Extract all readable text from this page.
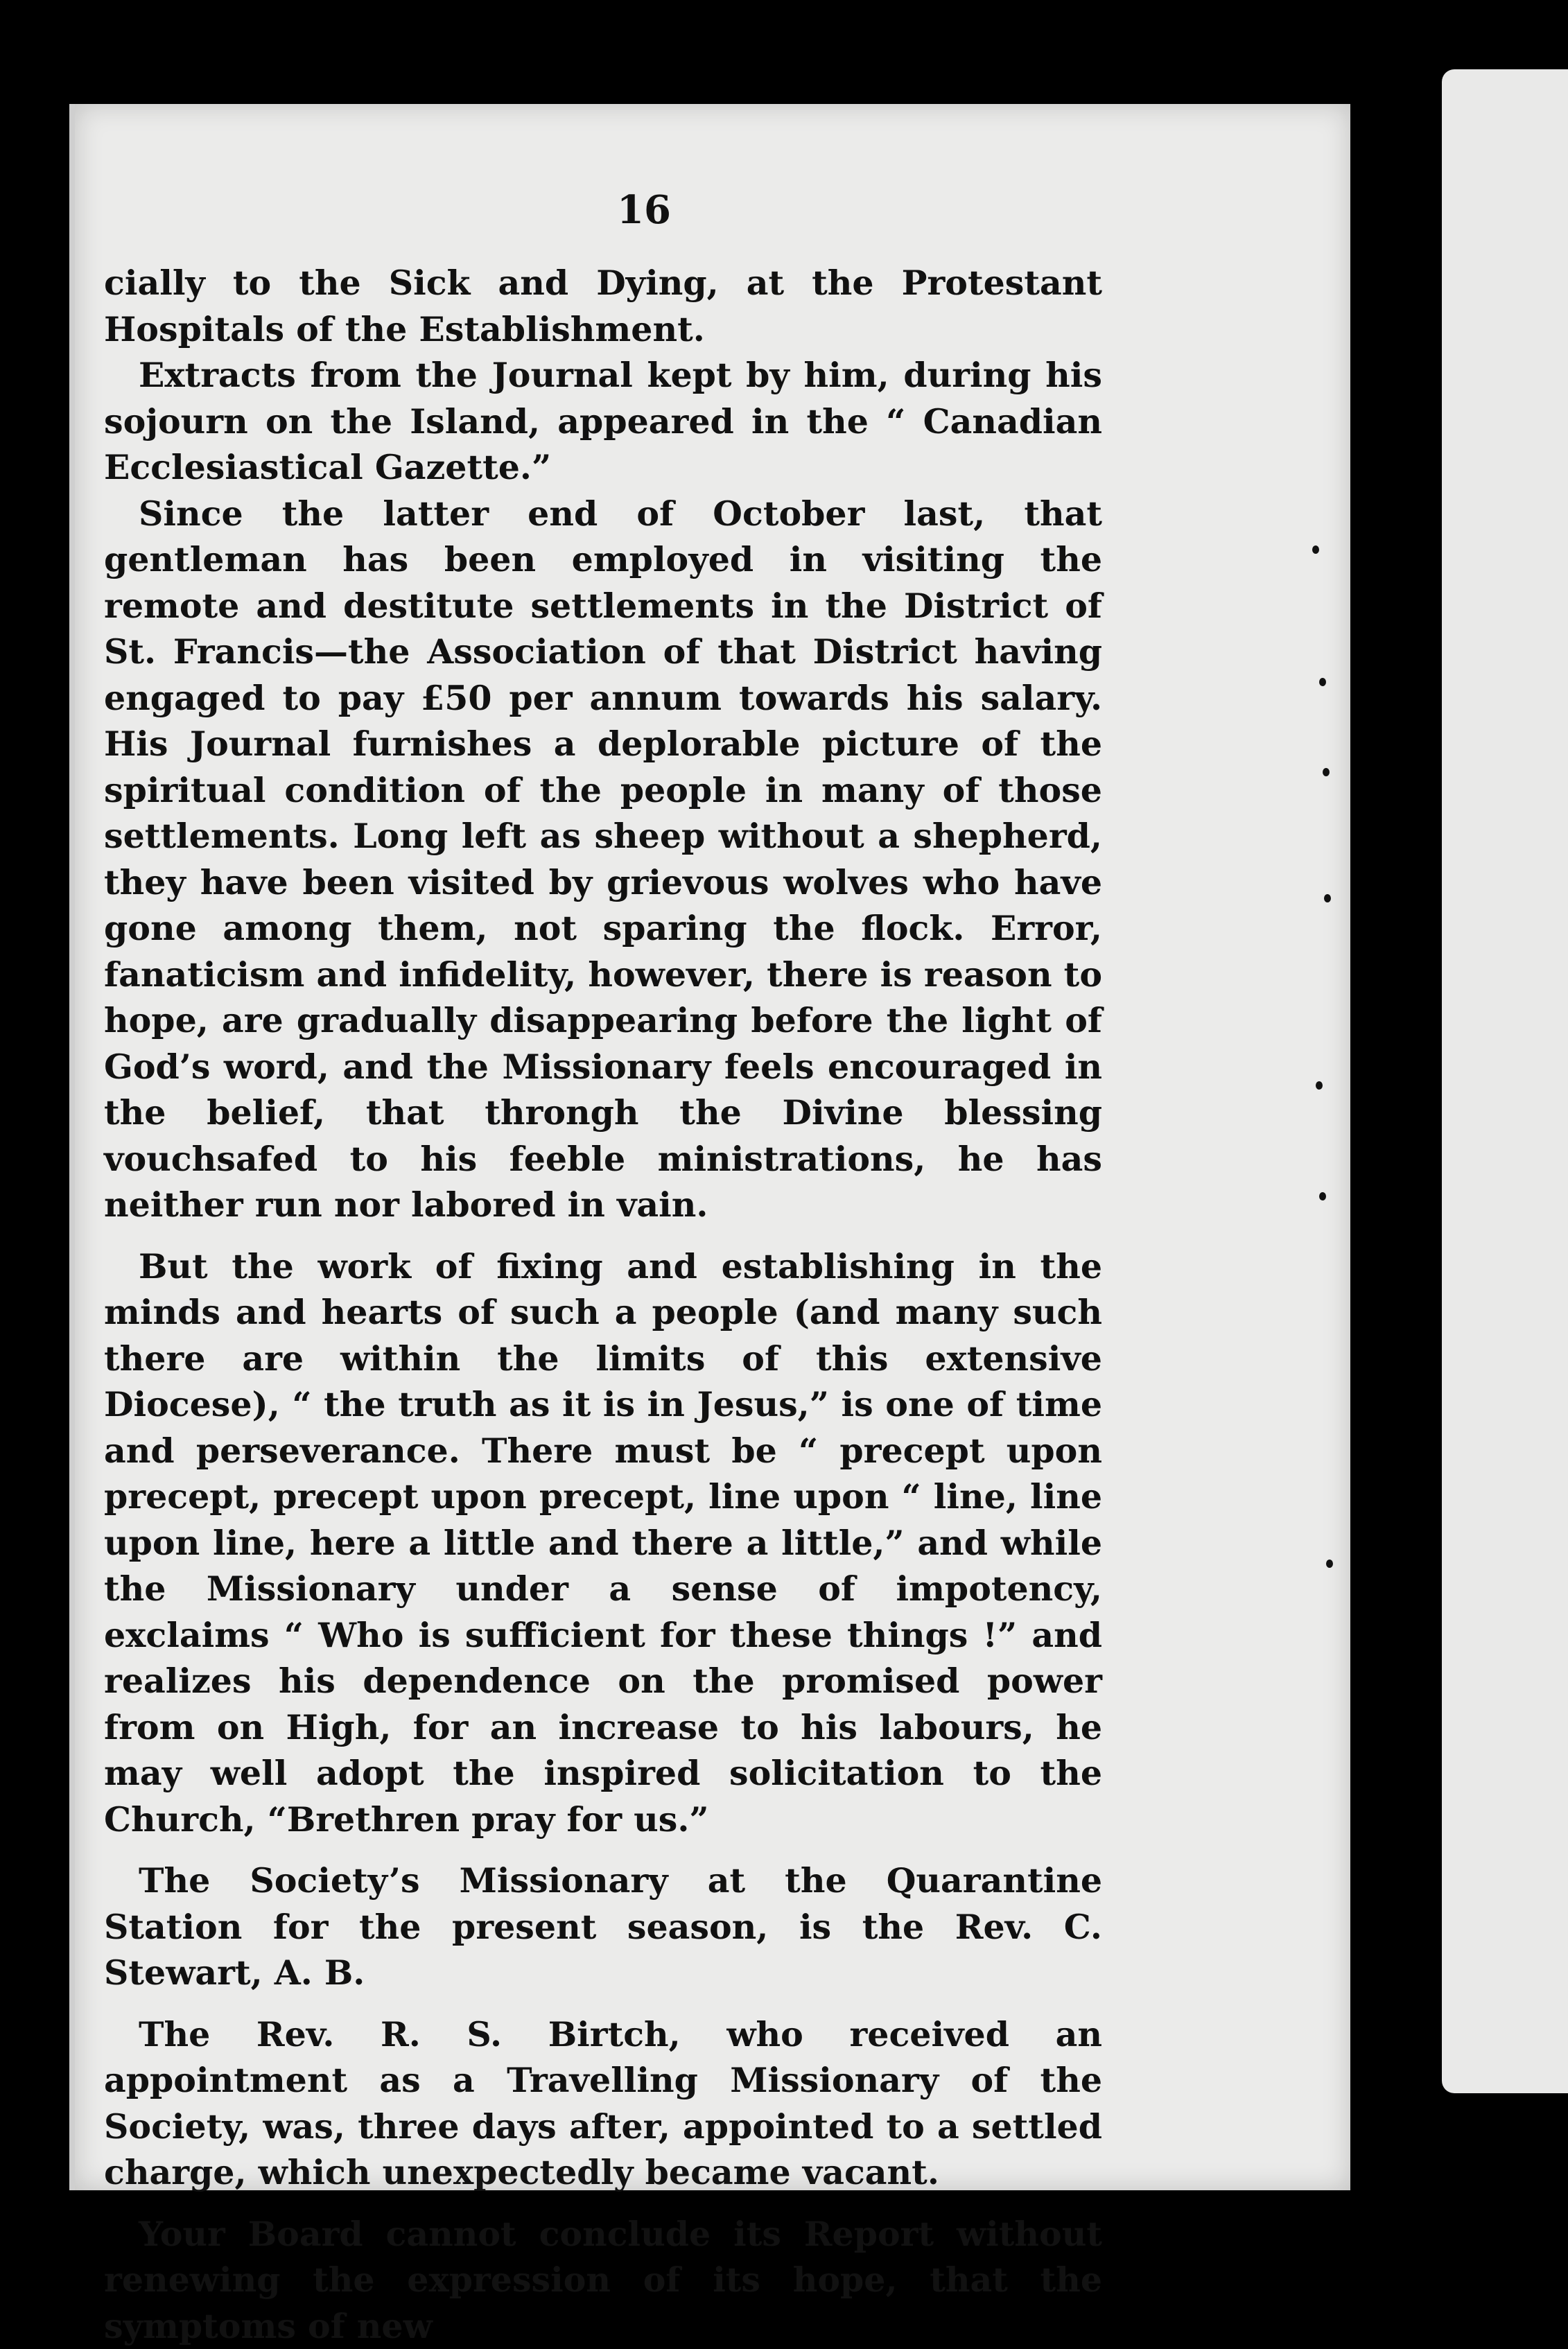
16

cially to the Sick and Dying, at the Protestant Hospitals of the Establishment.

Extracts from the Journal kept by him, during his sojourn on the Island, appeared in the “ Canadian Ecclesiastical Gazette.”

Since the latter end of October last, that gentleman has been employed in visiting the remote and destitute settlements in the District of St. Francis—the Association of that District having engaged to pay £50 per annum towards his salary. His Journal furnishes a deplorable picture of the spiritual condition of the people in many of those settlements. Long left as sheep without a shepherd, they have been visited by grievous wolves who have gone among them, not sparing the flock. Error, fanaticism and infidelity, however, there is reason to hope, are gradually disappearing before the light of God’s word, and the Missionary feels encouraged in the belief, that throngh the Divine blessing vouchsafed to his feeble ministrations, he has neither run nor labored in vain.

But the work of fixing and establishing in the minds and hearts of such a people (and many such there are within the limits of this extensive Diocese), “ the truth as it is in Jesus,” is one of time and perseverance. There must be “ precept upon precept, precept upon precept, line upon “ line, line upon line, here a little and there a little,” and while the Missionary under a sense of impotency, exclaims “ Who is sufficient for these things !” and realizes his dependence on the promised power from on High, for an increase to his labours, he may well adopt the inspired solicitation to the Church, “Brethren pray for us.”

The Society’s Missionary at the Quarantine Station for the present season, is the Rev. C. Stewart, A. B.

The Rev. R. S. Birtch, who received an appointment as a Travelling Missionary of the Society, was, three days after, appointed to a settled charge, which unexpectedly became vacant.

Your Board cannot conclude its Report without renewing the expression of its hope, that the symptoms of new
